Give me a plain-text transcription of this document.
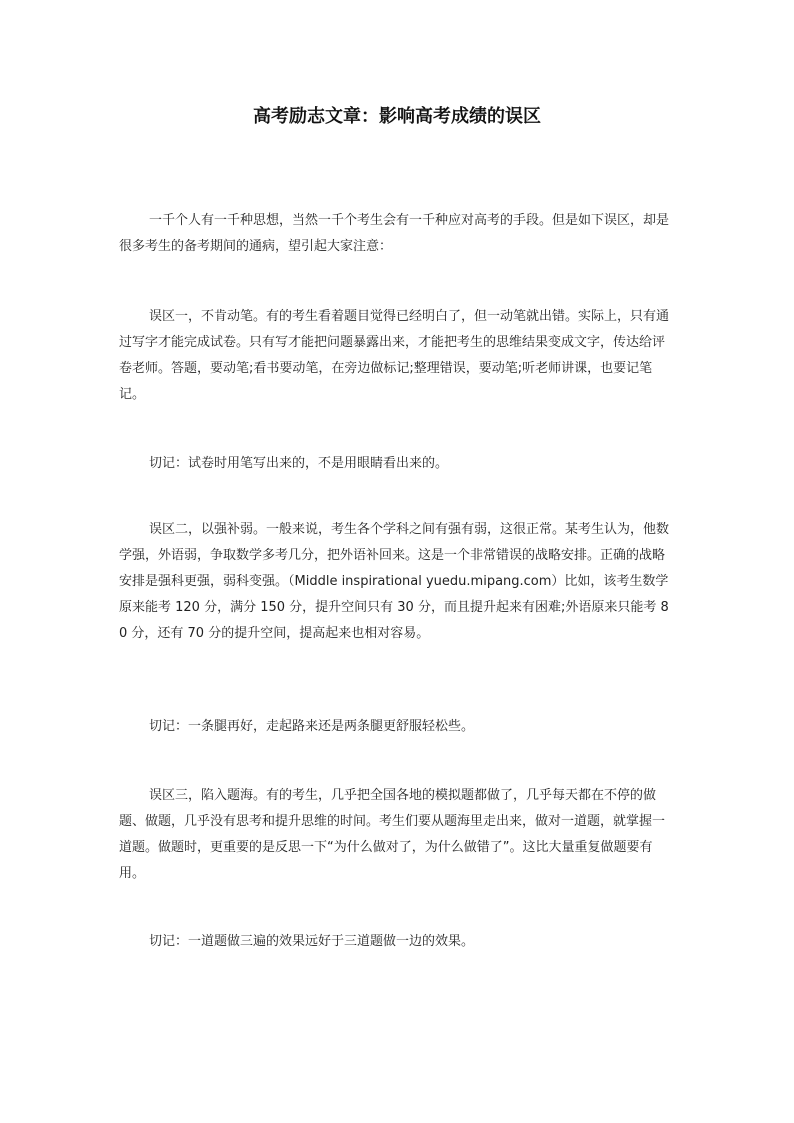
高考励志文章：影响高考成绩的误区

一千个人有一千种思想，当然一千个考生会有一千种应对高考的手段。但是如下误区，却是很多考生的备考期间的通病，望引起大家注意：

误区一，不肯动笔。有的考生看着题目觉得已经明白了，但一动笔就出错。实际上，只有通过写字才能完成试卷。只有写才能把问题暴露出来，才能把考生的思维结果变成文字，传达给评卷老师。答题，要动笔;看书要动笔，在旁边做标记;整理错误，要动笔;听老师讲课，也要记笔记。

切记：试卷时用笔写出来的，不是用眼睛看出来的。

误区二，以强补弱。一般来说，考生各个学科之间有强有弱，这很正常。某考生认为，他数学强，外语弱，争取数学多考几分，把外语补回来。这是一个非常错误的战略安排。正确的战略安排是强科更强，弱科变强。（Middle inspirational yuedu.mipang.com）比如，该考生数学原来能考 120 分，满分 150 分，提升空间只有 30 分，而且提升起来有困难;外语原来只能考 80 分，还有 70 分的提升空间，提高起来也相对容易。

切记：一条腿再好，走起路来还是两条腿更舒服轻松些。

误区三，陷入题海。有的考生，几乎把全国各地的模拟题都做了，几乎每天都在不停的做题、做题，几乎没有思考和提升思维的时间。考生们要从题海里走出来，做对一道题，就掌握一道题。做题时，更重要的是反思一下“为什么做对了，为什么做错了”。这比大量重复做题要有用。

切记：一道题做三遍的效果远好于三道题做一边的效果。
